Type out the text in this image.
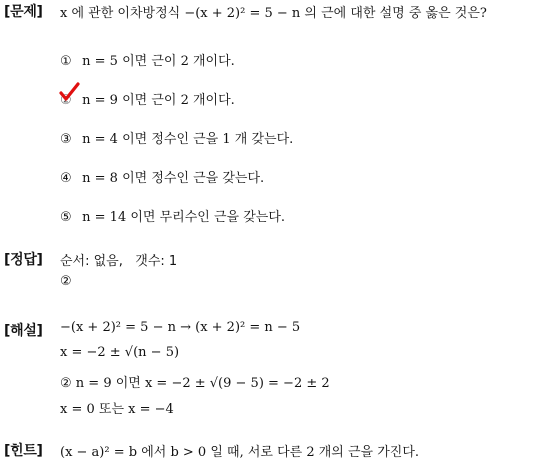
[문제] x 에 관한 이차방정식 −(x + 2)² = 5 − n 의 근에 대한 설명 중 옳은 것은?
① n = 5 이면 근이 2 개이다.
② n = 9 이면 근이 2 개이다.
③ n = 4 이면 정수인 근을 1 개 갖는다.
④ n = 8 이면 정수인 근을 갖는다.
⑤ n = 14 이면 무리수인 근을 갖는다.
[정답] 순서: 없음, 갯수: 1
②
[해설] −(x + 2)² = 5 − n → (x + 2)² = n − 5
x = −2 ± √(n − 5)
② n = 9 이면 x = −2 ± √(9 − 5) = −2 ± 2
x = 0 또는 x = −4
[힌트] (x − a)² = b 에서 b > 0 일 때, 서로 다른 2 개의 근을 가진다.
